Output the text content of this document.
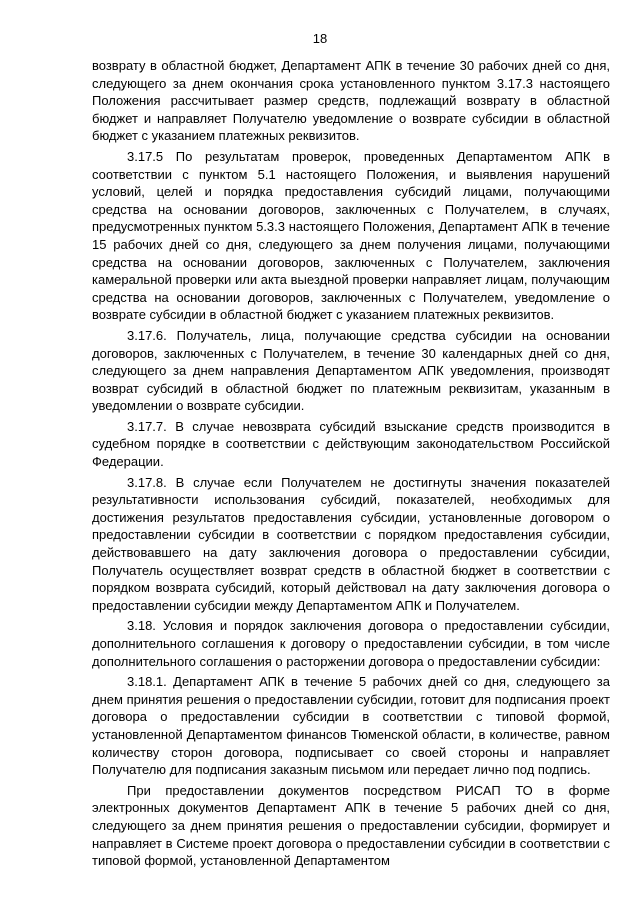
18

возврату в областной бюджет, Департамент АПК в течение 30 рабочих дней со дня, следующего за днем окончания срока установленного пунктом 3.17.3 настоящего Положения рассчитывает размер средств, подлежащий возврату в областной бюджет и направляет Получателю уведомление о возврате субсидии в областной бюджет с указанием платежных реквизитов.

3.17.5 По результатам проверок, проведенных Департаментом АПК в соответствии с пунктом 5.1 настоящего Положения, и выявления нарушений условий, целей и порядка предоставления субсидий лицами, получающими средства на основании договоров, заключенных с Получателем, в случаях, предусмотренных пунктом 5.3.3 настоящего Положения, Департамент АПК в течение 15 рабочих дней со дня, следующего за днем получения лицами, получающими средства на основании договоров, заключенных с Получателем, заключения камеральной проверки или акта выездной проверки направляет лицам, получающим средства на основании договоров, заключенных с Получателем, уведомление о возврате субсидии в областной бюджет с указанием платежных реквизитов.

3.17.6. Получатель, лица, получающие средства субсидии на основании договоров, заключенных с Получателем, в течение 30 календарных дней со дня, следующего за днем направления Департаментом АПК уведомления, производят возврат субсидий в областной бюджет по платежным реквизитам, указанным в уведомлении о возврате субсидии.

3.17.7. В случае невозврата субсидий взыскание средств производится в судебном порядке в соответствии с действующим законодательством Российской Федерации.

3.17.8. В случае если Получателем не достигнуты значения показателей результативности использования субсидий, показателей, необходимых для достижения результатов предоставления субсидии, установленные договором о предоставлении субсидии в соответствии с порядком предоставления субсидии, действовавшего на дату заключения договора о предоставлении субсидии, Получатель осуществляет возврат средств в областной бюджет в соответствии с порядком возврата субсидий, который действовал на дату заключения договора о предоставлении субсидии между Департаментом АПК и Получателем.

3.18. Условия и порядок заключения договора о предоставлении субсидии, дополнительного соглашения к договору о предоставлении субсидии, в том числе дополнительного соглашения о расторжении договора о предоставлении субсидии:

3.18.1. Департамент АПК в течение 5 рабочих дней со дня, следующего за днем принятия решения о предоставлении субсидии, готовит для подписания проект договора о предоставлении субсидии в соответствии с типовой формой, установленной Департаментом финансов Тюменской области, в количестве, равном количеству сторон договора, подписывает со своей стороны и направляет Получателю для подписания заказным письмом или передает лично под подпись.

При предоставлении документов посредством РИСАП ТО в форме электронных документов Департамент АПК в течение 5 рабочих дней со дня, следующего за днем принятия решения о предоставлении субсидии, формирует и направляет в Системе проект договора о предоставлении субсидии в соответствии с типовой формой, установленной Департаментом
